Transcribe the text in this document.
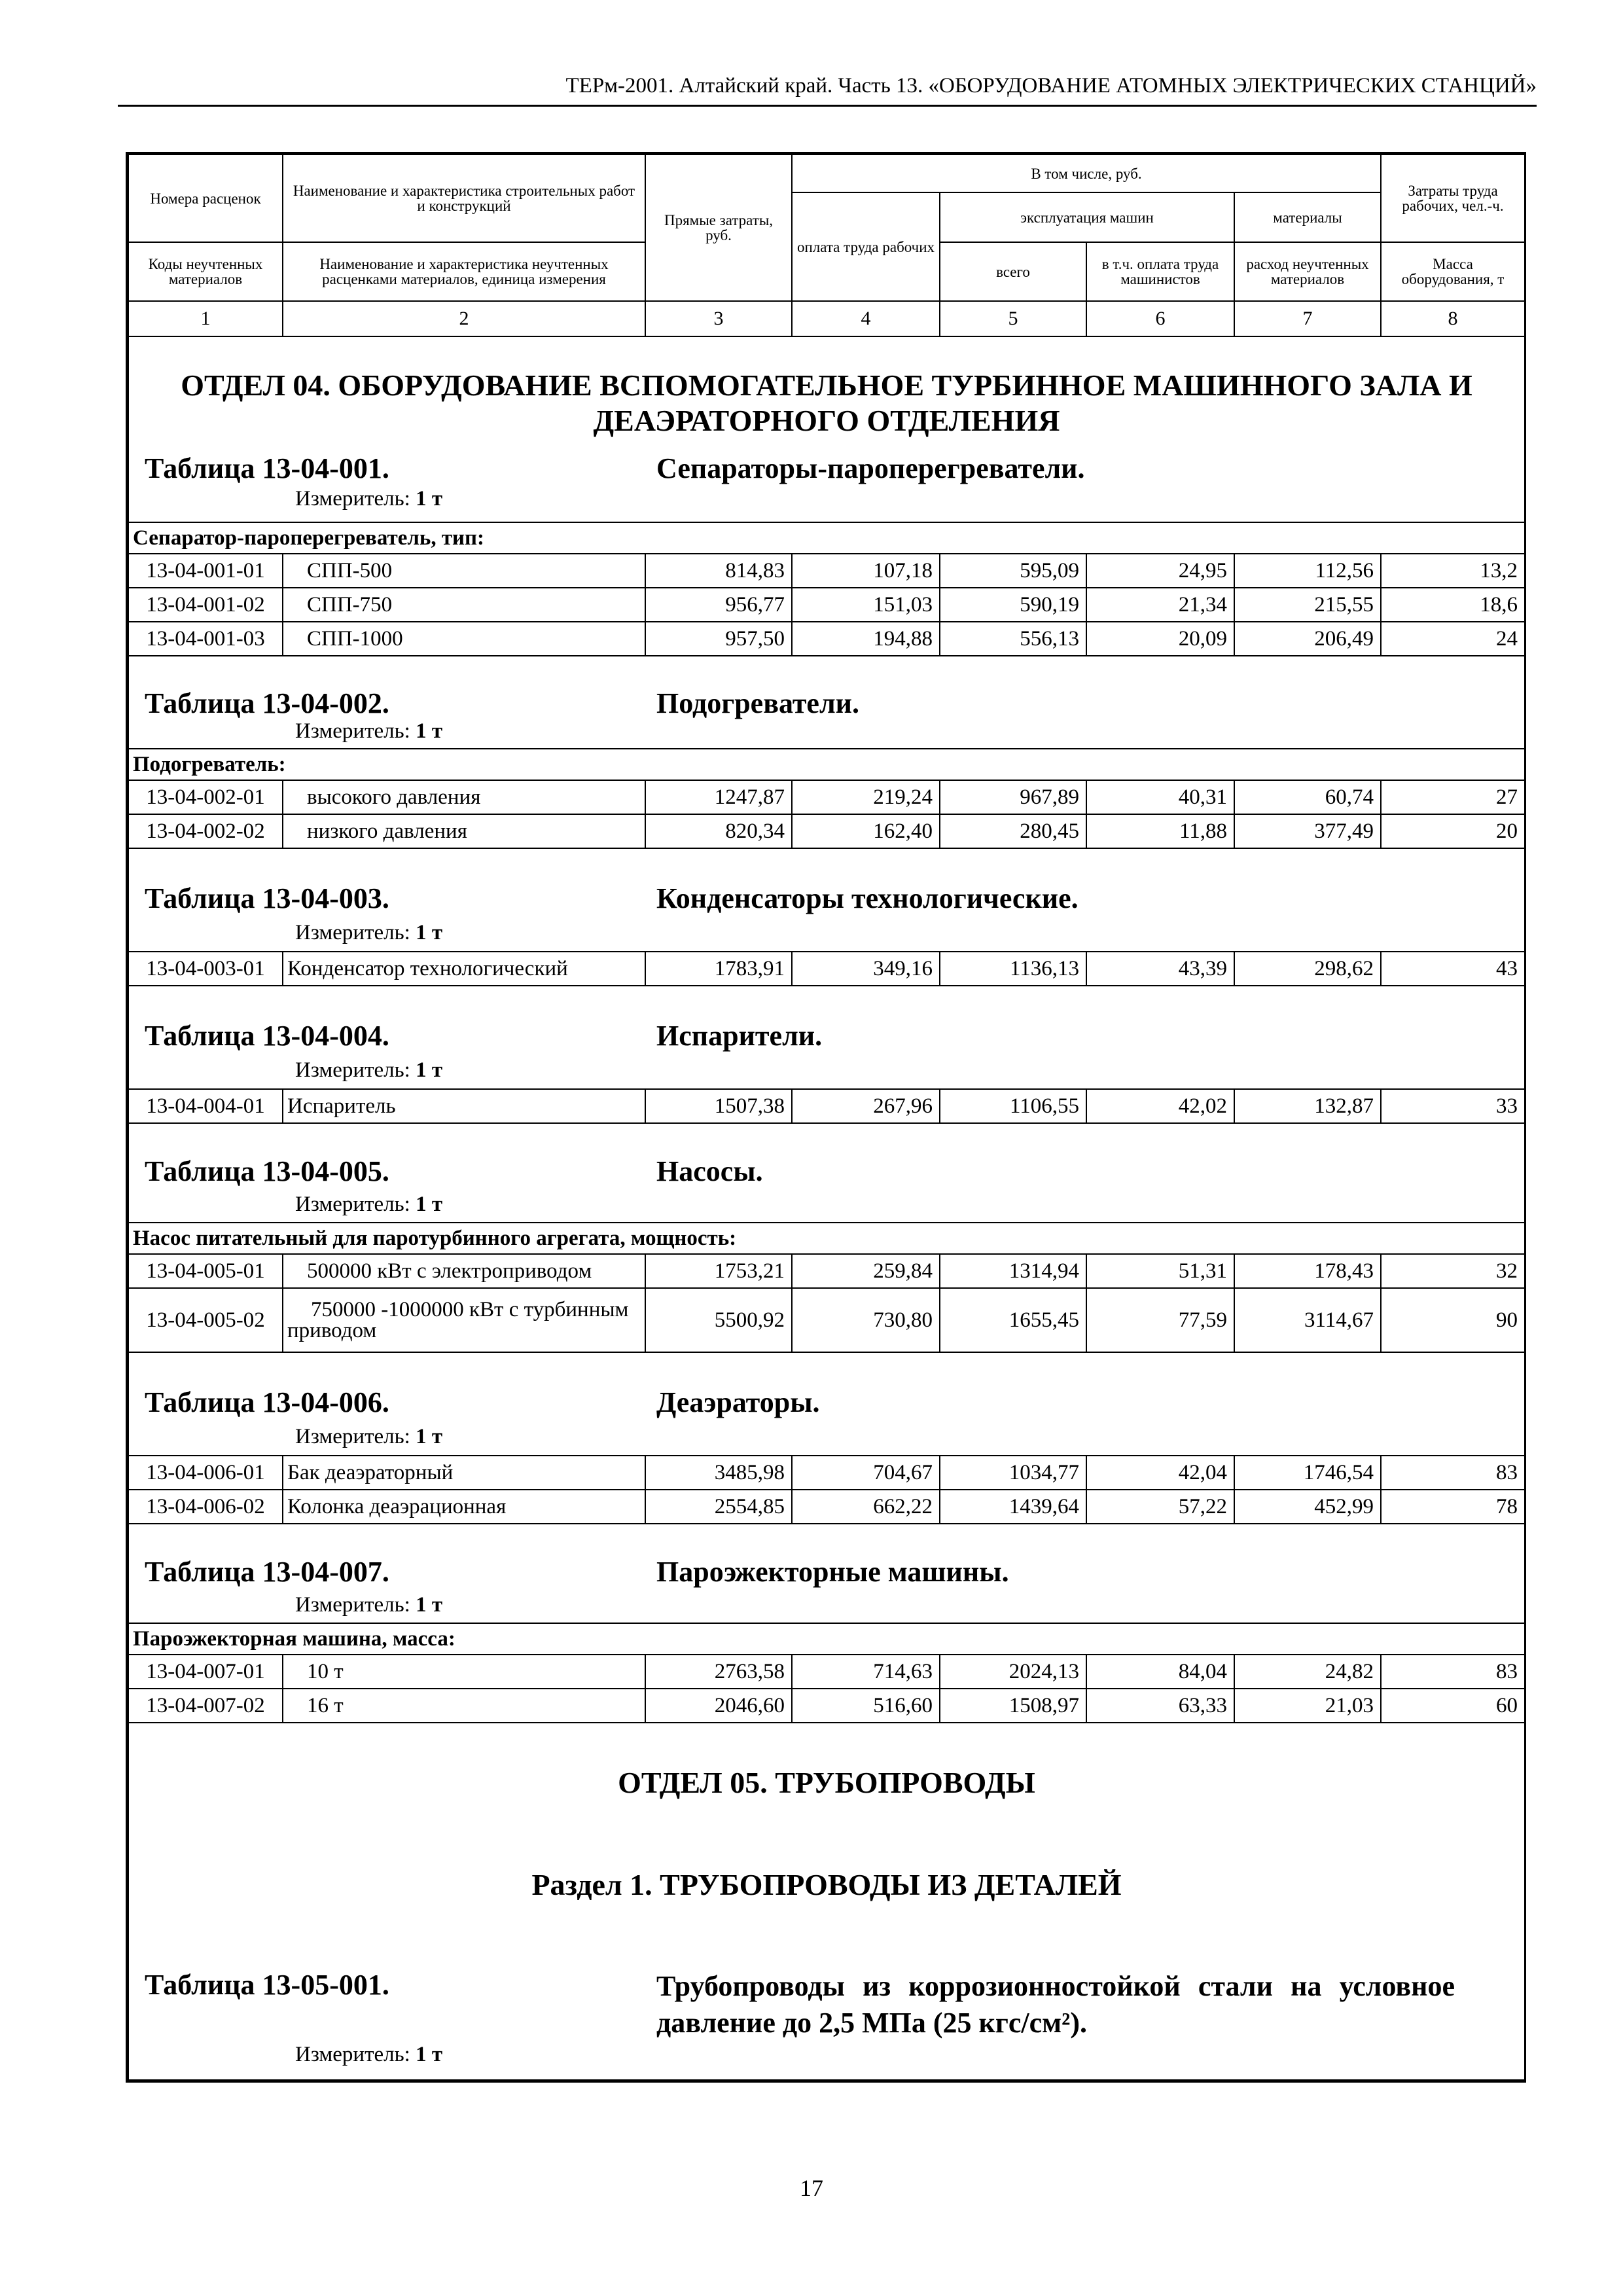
ТЕРм-2001. Алтайский край. Часть 13. «ОБОРУДОВАНИЕ АТОМНЫХ ЭЛЕКТРИЧЕСКИХ СТАНЦИЙ»
Номера расценок	Наименование и характеристика строительных работ и конструкций	Прямые затраты, руб.	В том числе, руб.				Затраты труда рабочих, чел.-ч.
			оплата труда рабочих	эксплуатация машин		материалы	
Коды неучтенных материалов	Наименование и характеристика неучтенных расценками материалов, единица измерения			всего	в т.ч. оплата труда машинистов	расход неучтенных материалов	Масса оборудования, т
1	2	3	4	5	6	7	8

ОТДЕЛ 04. ОБОРУДОВАНИЕ ВСПОМОГАТЕЛЬНОЕ ТУРБИННОЕ МАШИННОГО ЗАЛА И ДЕАЭРАТОРНОГО ОТДЕЛЕНИЯ
Таблица 13-04-001. Сепараторы-пароперегреватели.
Измеритель: 1 т							

Сепаратор-пароперегреватель, тип:							
13-04-001-01	СПП-500	814,83	107,18	595,09	24,95	112,56	13,2
13-04-001-02	СПП-750	956,77	151,03	590,19	21,34	215,55	18,6
13-04-001-03	СПП-1000	957,50	194,88	556,13	20,09	206,49	24

Таблица 13-04-002. Подогреватели.
Измеритель: 1 т							

Подогреватель:							
13-04-002-01	высокого давления	1247,87	219,24	967,89	40,31	60,74	27
13-04-002-02	низкого давления	820,34	162,40	280,45	11,88	377,49	20

Таблица 13-04-003. Конденсаторы технологические.
Измеритель: 1 т							

13-04-003-01	Конденсатор технологический	1783,91	349,16	1136,13	43,39	298,62	43

Таблица 13-04-004. Испарители.
Измеритель: 1 т							

13-04-004-01	Испаритель	1507,38	267,96	1106,55	42,02	132,87	33

Таблица 13-04-005. Насосы.
Измеритель: 1 т							

Насос питательный для паротурбинного агрегата, мощность:							
13-04-005-01	500000 кВт с электроприводом	1753,21	259,84	1314,94	51,31	178,43	32
13-04-005-02	750000 -1000000 кВт с турбинным приводом	5500,92	730,80	1655,45	77,59	3114,67	90

Таблица 13-04-006. Деаэраторы.
Измеритель: 1 т							

13-04-006-01	Бак деаэраторный	3485,98	704,67	1034,77	42,04	1746,54	83
13-04-006-02	Колонка деаэрационная	2554,85	662,22	1439,64	57,22	452,99	78

Таблица 13-04-007. Пароэжекторные машины.
Измеритель: 1 т							

Пароэжекторная машина, масса:							
13-04-007-01	10 т	2763,58	714,63	2024,13	84,04	24,82	83
13-04-007-02	16 т	2046,60	516,60	1508,97	63,33	21,03	60

ОТДЕЛ 05. ТРУБОПРОВОДЫ
Раздел 1. ТРУБОПРОВОДЫ ИЗ ДЕТАЛЕЙ
Таблица 13-05-001. Трубопроводы из коррозионностойкой стали на условное давление до 2,5 МПа (25 кгс/см²).
Измеритель: 1 т							
17
